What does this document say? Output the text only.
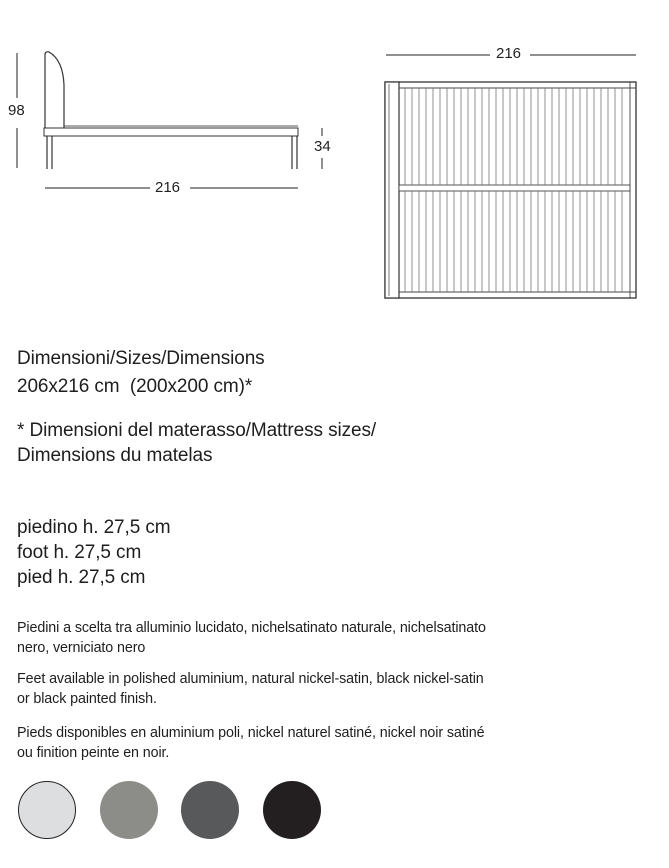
98
34
216
216
Dimensioni/Sizes/Dimensions
206x216 cm  (200x200 cm)*
* Dimensioni del materasso/Mattress sizes/
Dimensions du matelas
piedino h. 27,5 cm
foot h. 27,5 cm
pied h. 27,5 cm
Piedini a scelta tra alluminio lucidato, nichelsatinato naturale, nichelsatinato
nero, verniciato nero
Feet available in polished aluminium, natural nickel-satin, black nickel-satin
or black painted finish.
Pieds disponibles en aluminium poli, nickel naturel satiné, nickel noir satiné
ou finition peinte en noir.
